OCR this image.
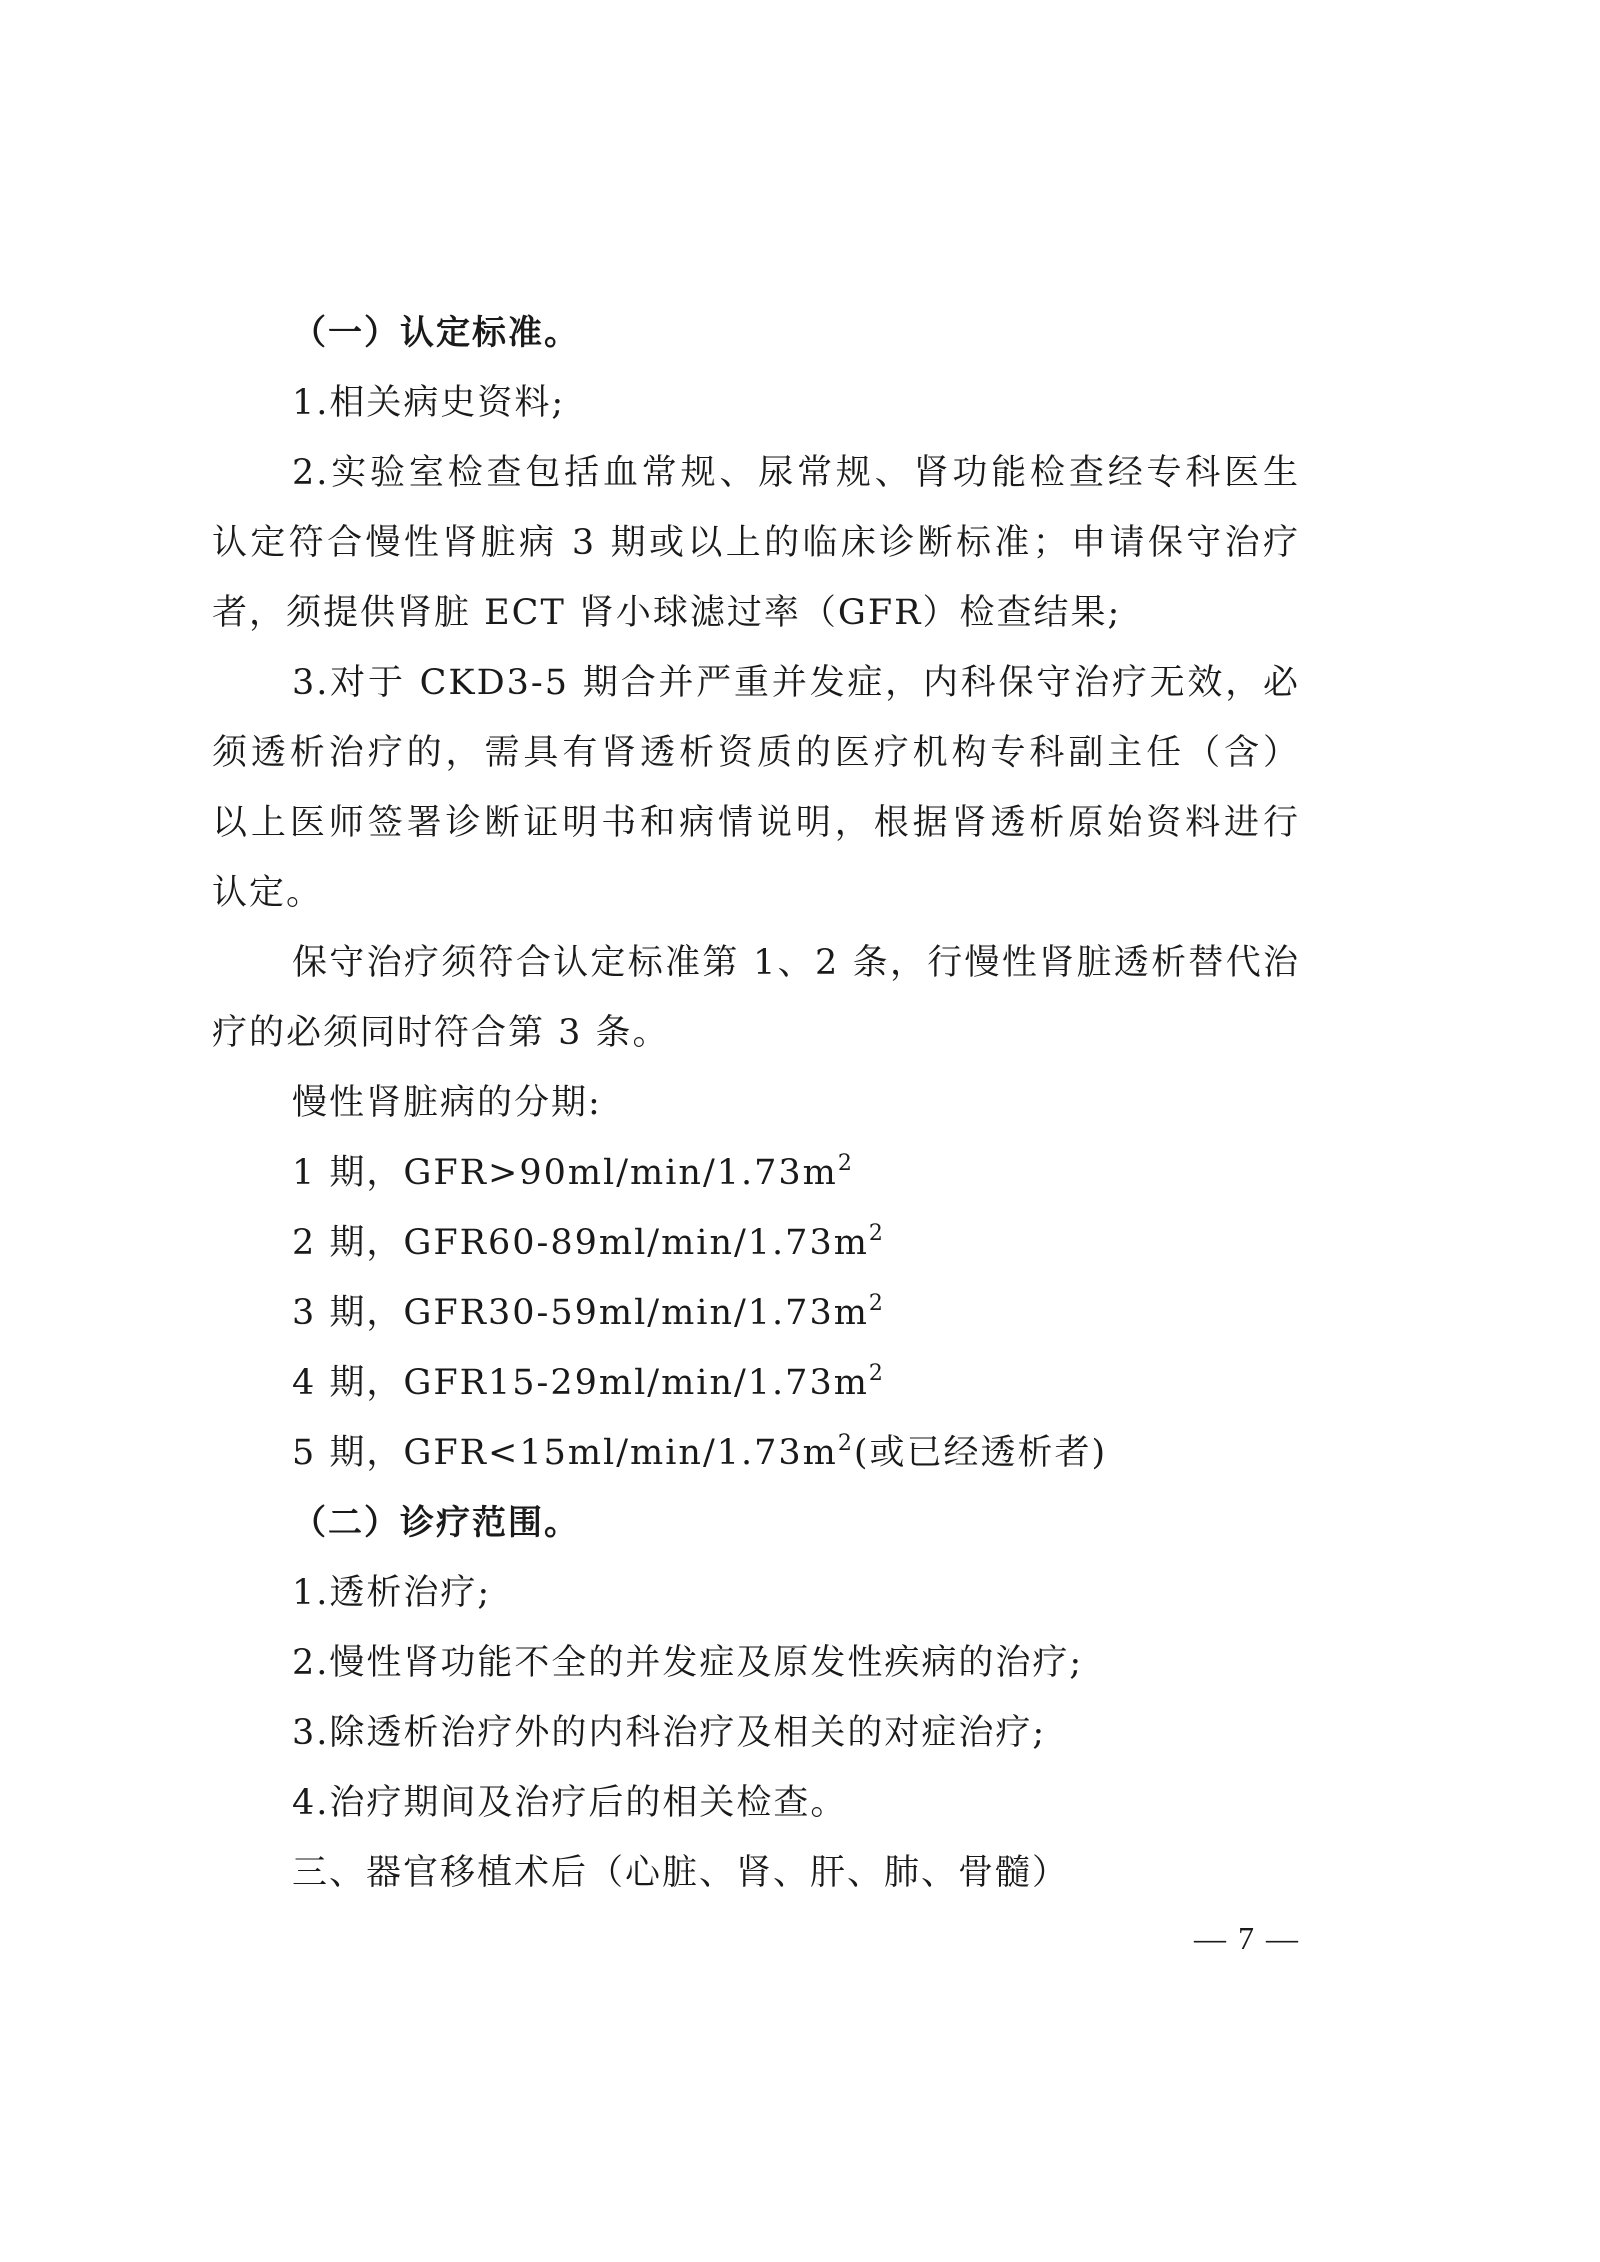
（一）认定标准。
1.相关病史资料;
2.实验室检查包括血常规、尿常规、肾功能检查经专科医生
认定符合慢性肾脏病 3 期或以上的临床诊断标准；申请保守治疗
者，须提供肾脏 ECT 肾小球滤过率（GFR）检查结果;
3.对于 CKD3-5 期合并严重并发症，内科保守治疗无效，必
须透析治疗的，需具有肾透析资质的医疗机构专科副主任（含）
以上医师签署诊断证明书和病情说明，根据肾透析原始资料进行
认定。
保守治疗须符合认定标准第 1、2 条，行慢性肾脏透析替代治
疗的必须同时符合第 3 条。
慢性肾脏病的分期:
1 期，$GFR>90ml/\min/1.73m^2$
2 期，$GFR60-89ml/\min/1.73m^2$
3 期，$GFR30-59ml/\min/1.73m^2$
4 期，$GFR15-29ml/\min/1.73m^2$
5 期，$GFR<15ml/\min/1.73m^2$(或已经透析者)
（二）诊疗范围。
1.透析治疗;
2.慢性肾功能不全的并发症及原发性疾病的治疗;
3.除透析治疗外的内科治疗及相关的对症治疗;
4.治疗期间及治疗后的相关检查。
三、器官移植术后（心脏、肾、肝、肺、骨髓）
— 7 —
